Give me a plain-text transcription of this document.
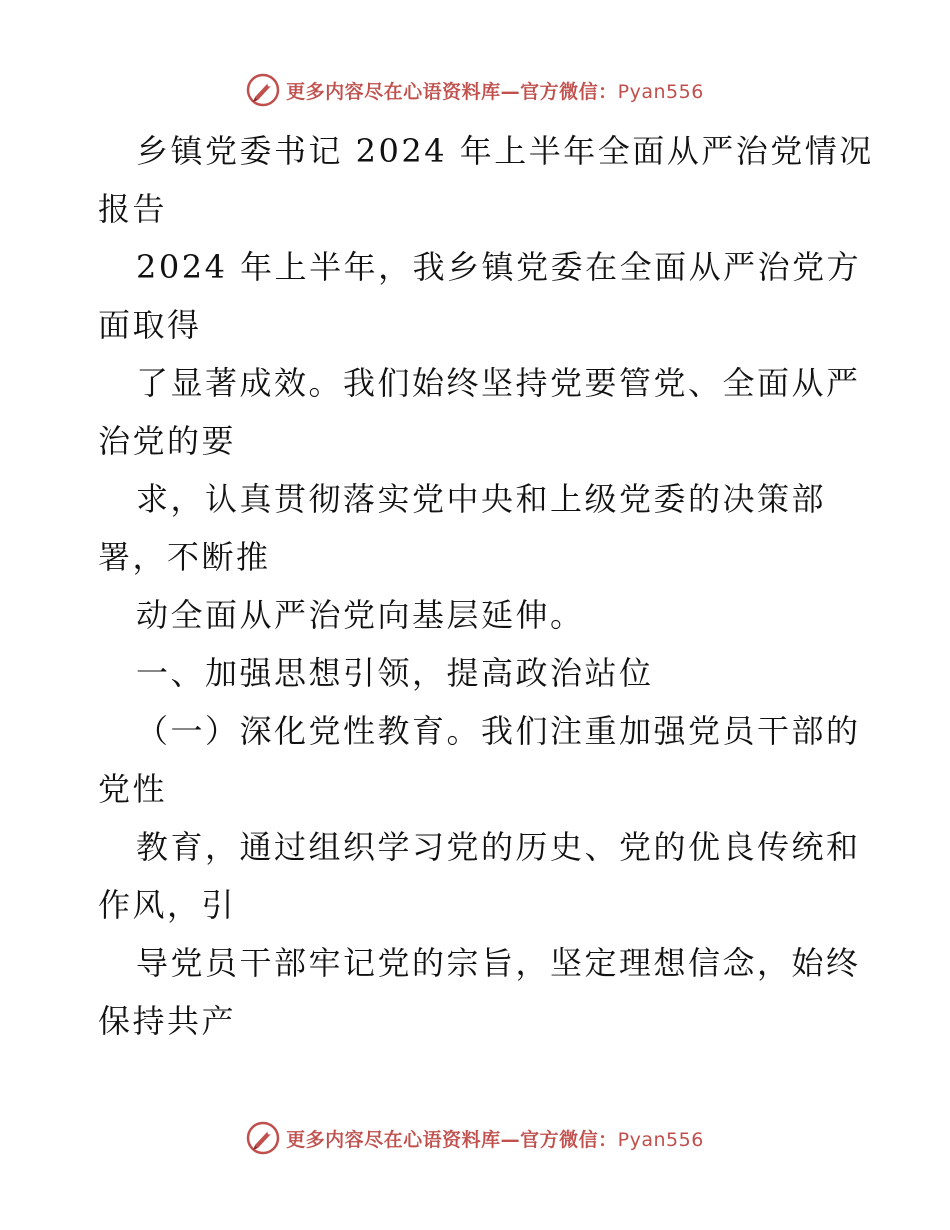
更多内容尽在心语资料库—官方微信：Pyan556
乡镇党委书记 2024 年上半年全面从严治党情况
报告
2024 年上半年，我乡镇党委在全面从严治党方
面取得
了显著成效。我们始终坚持党要管党、全面从严
治党的要
求，认真贯彻落实党中央和上级党委的决策部
署，不断推
动全面从严治党向基层延伸。
一、加强思想引领，提高政治站位
（一）深化党性教育。我们注重加强党员干部的
党性
教育，通过组织学习党的历史、党的优良传统和
作风，引
导党员干部牢记党的宗旨，坚定理想信念，始终
保持共产
更多内容尽在心语资料库—官方微信：Pyan556
